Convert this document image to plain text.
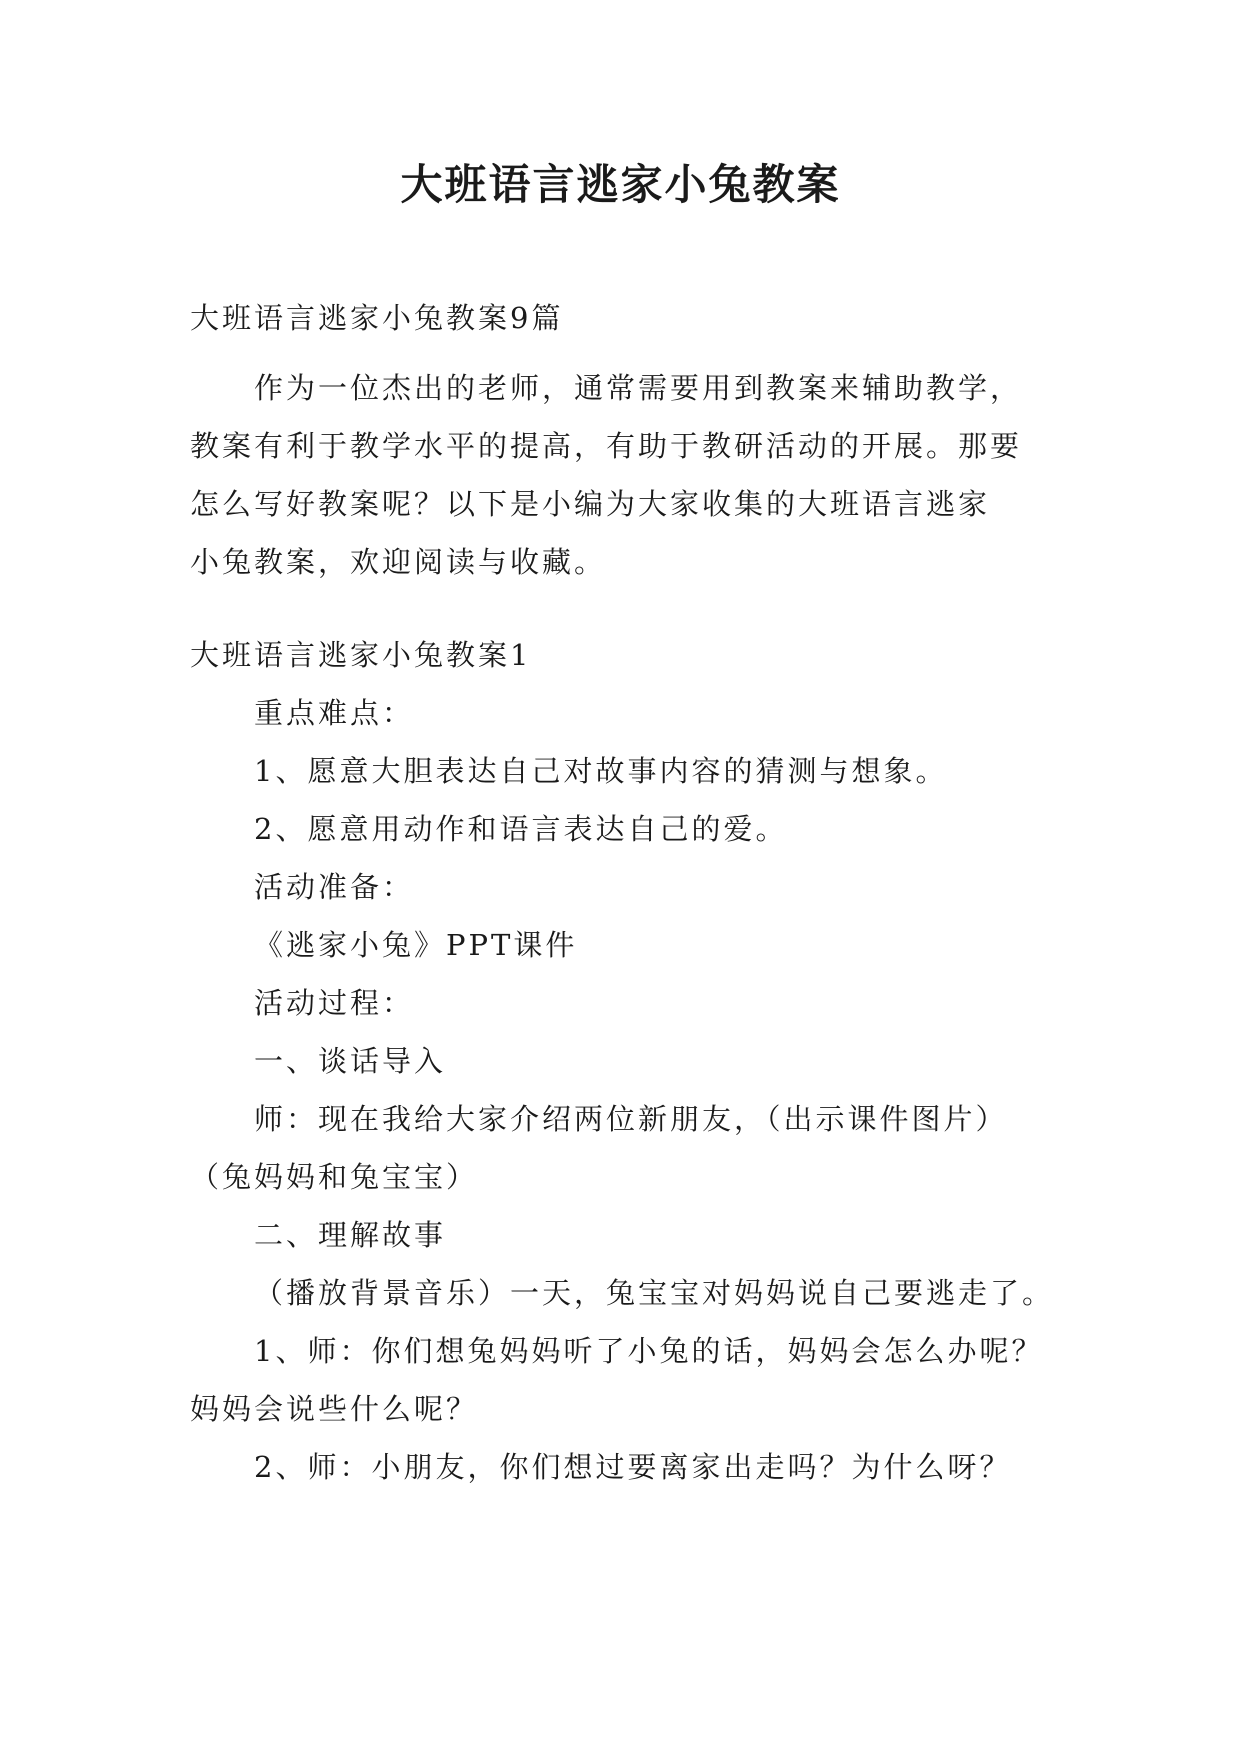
大班语言逃家小兔教案
大班语言逃家小兔教案9篇
作为一位杰出的老师，通常需要用到教案来辅助教学，
教案有利于教学水平的提高，有助于教研活动的开展。那要
怎么写好教案呢？以下是小编为大家收集的大班语言逃家
小兔教案，欢迎阅读与收藏。
大班语言逃家小兔教案1
重点难点：
1、愿意大胆表达自己对故事内容的猜测与想象。
2、愿意用动作和语言表达自己的爱。
活动准备：
《逃家小兔》PPT课件
活动过程：
一、谈话导入
师：现在我给大家介绍两位新朋友，（出示课件图片）
（兔妈妈和兔宝宝）
二、理解故事
（播放背景音乐）一天，兔宝宝对妈妈说自己要逃走了。
1、师：你们想兔妈妈听了小兔的话，妈妈会怎么办呢？
妈妈会说些什么呢？
2、师：小朋友，你们想过要离家出走吗？为什么呀？
